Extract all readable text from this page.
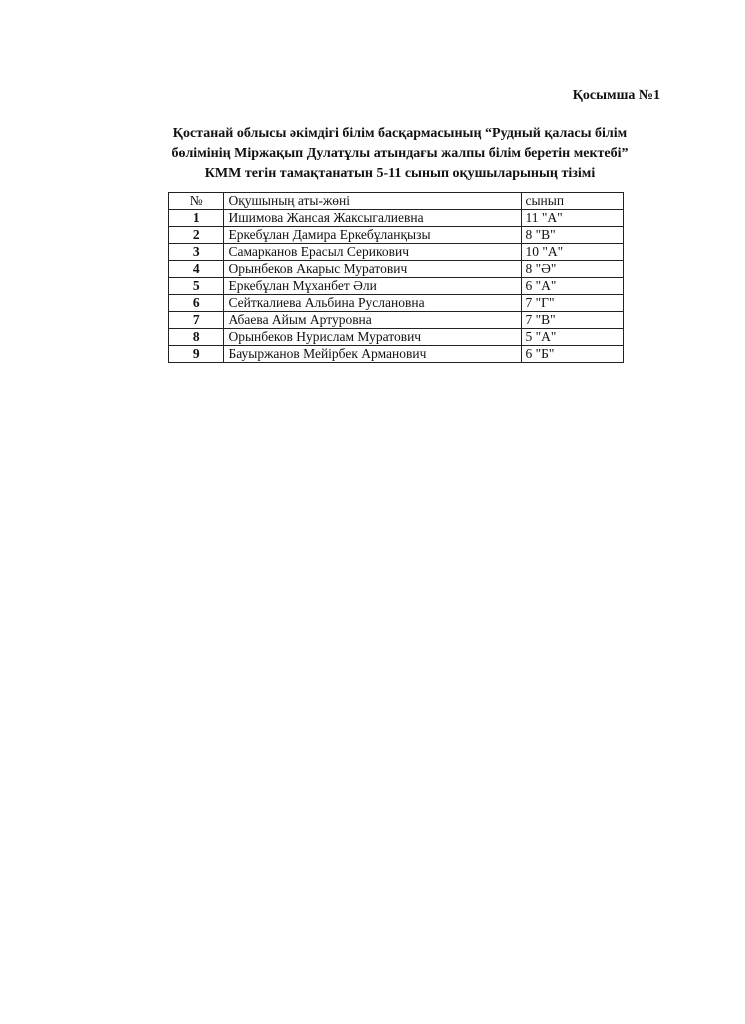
Қосымша №1
Қостанай облысы әкімдігі білім басқармасының “Рудный қаласы білім
бөлімінің Міржақып Дулатұлы атындағы жалпы білім беретін мектебі”
КММ тегін тамақтанатын 5-11 сынып оқушыларының тізімі
№	Оқушының аты-жөні	сынып
1	Ишимова Жансая Жаксыгалиевна	11 "А"
2	Еркебұлан Дамира Еркебұланқызы	8 "В"
3	Самарканов Ерасыл Серикович	10 "А"
4	Орынбеков Акарыс Муратович	8 "Ә"
5	Еркебұлан Мұханбет Әли	6 "А"
6	Сейткалиева Альбина Руслановна	7 "Г"
7	Абаева Айым Артуровна	7 "В"
8	Орынбеков Нурислам Муратович	5 "А"
9	Бауыржанов Мейірбек Арманович	6 "Б"
